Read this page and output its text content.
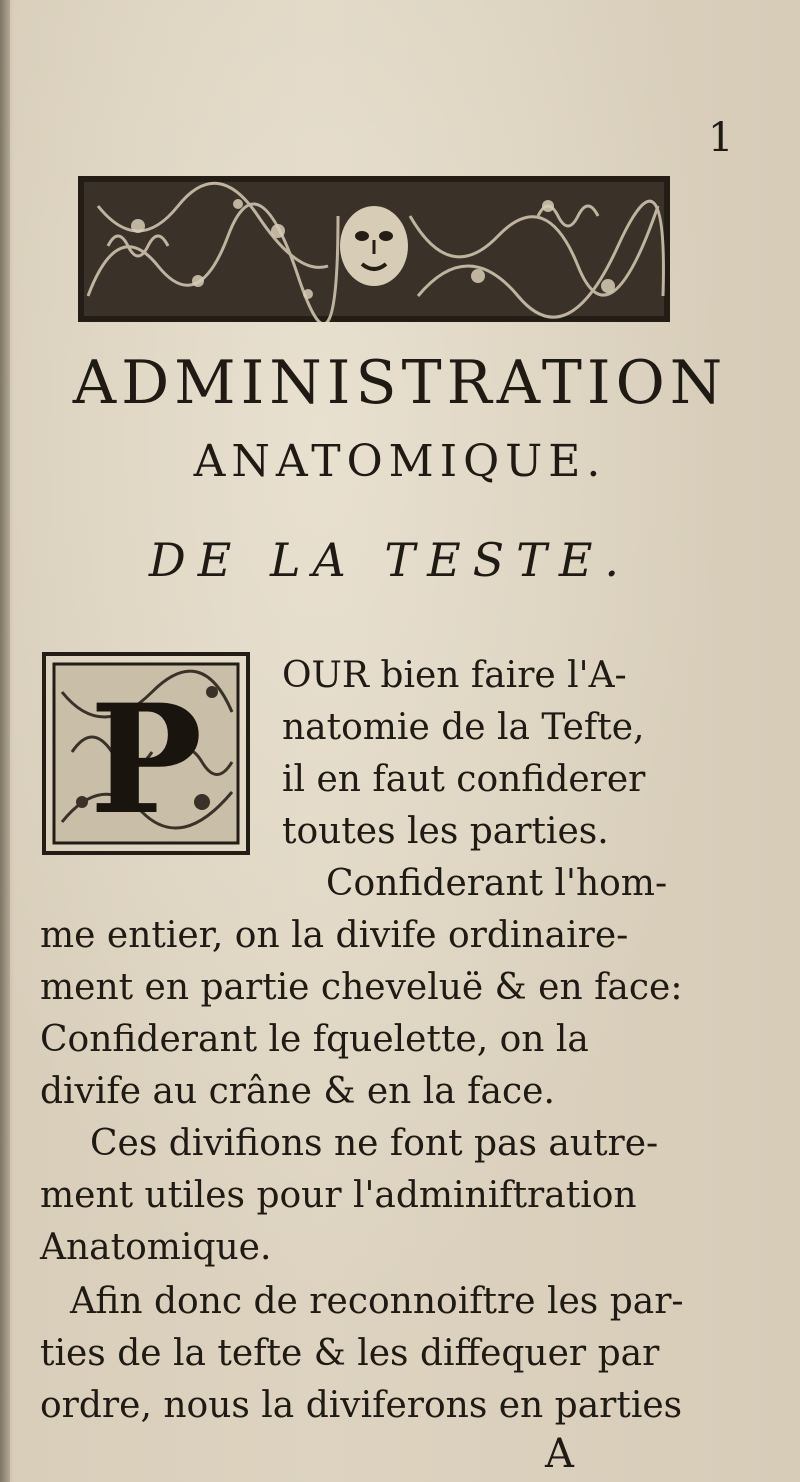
1
ADMINISTRATION
ANATOMIQUE.
DE LA TESTE.
P OUR bien faire l'A-
natomie de la Tefte,
il en faut confiderer
toutes les parties.
Confiderant l'hom-
me entier, on la divife ordinaire-
ment en partie cheveluë & en face:
Confiderant le fquelette, on la
divife au crâne & en la face.
Ces divifions ne font pas autre-
ment utiles pour l'adminiftration
Anatomique.
Afin donc de reconnoiftre les par-
ties de la tefte & les diffequer par
ordre, nous la diviferons en parties
A
